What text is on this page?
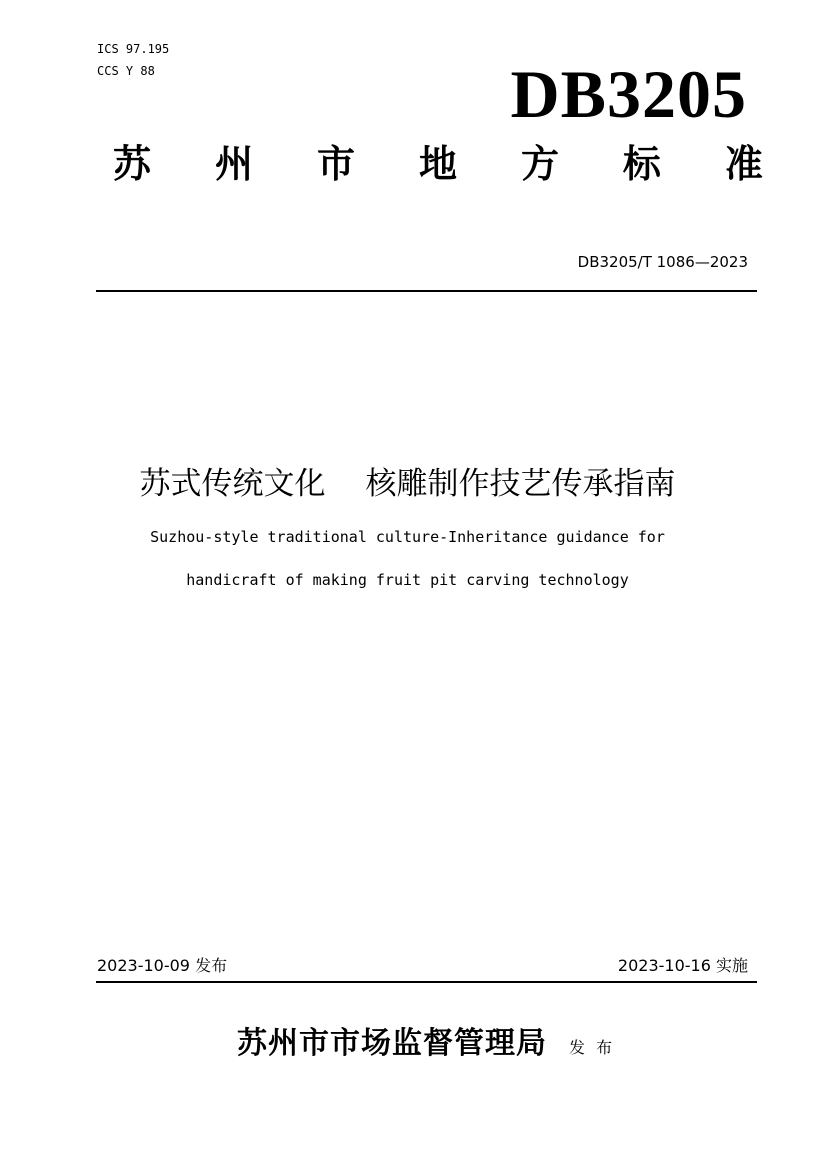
ICS 97.195
CCS Y 88	DB3205
苏 州 市 地 方 标 准
DB3205/T 1086—2023
苏式传统文化 核雕制作技艺传承指南
Suzhou-style traditional culture-Inheritance guidance for
handicraft of making fruit pit carving technology
2023-10-09 发布	2023-10-16 实施
苏州市市场监督管理局 发 布
